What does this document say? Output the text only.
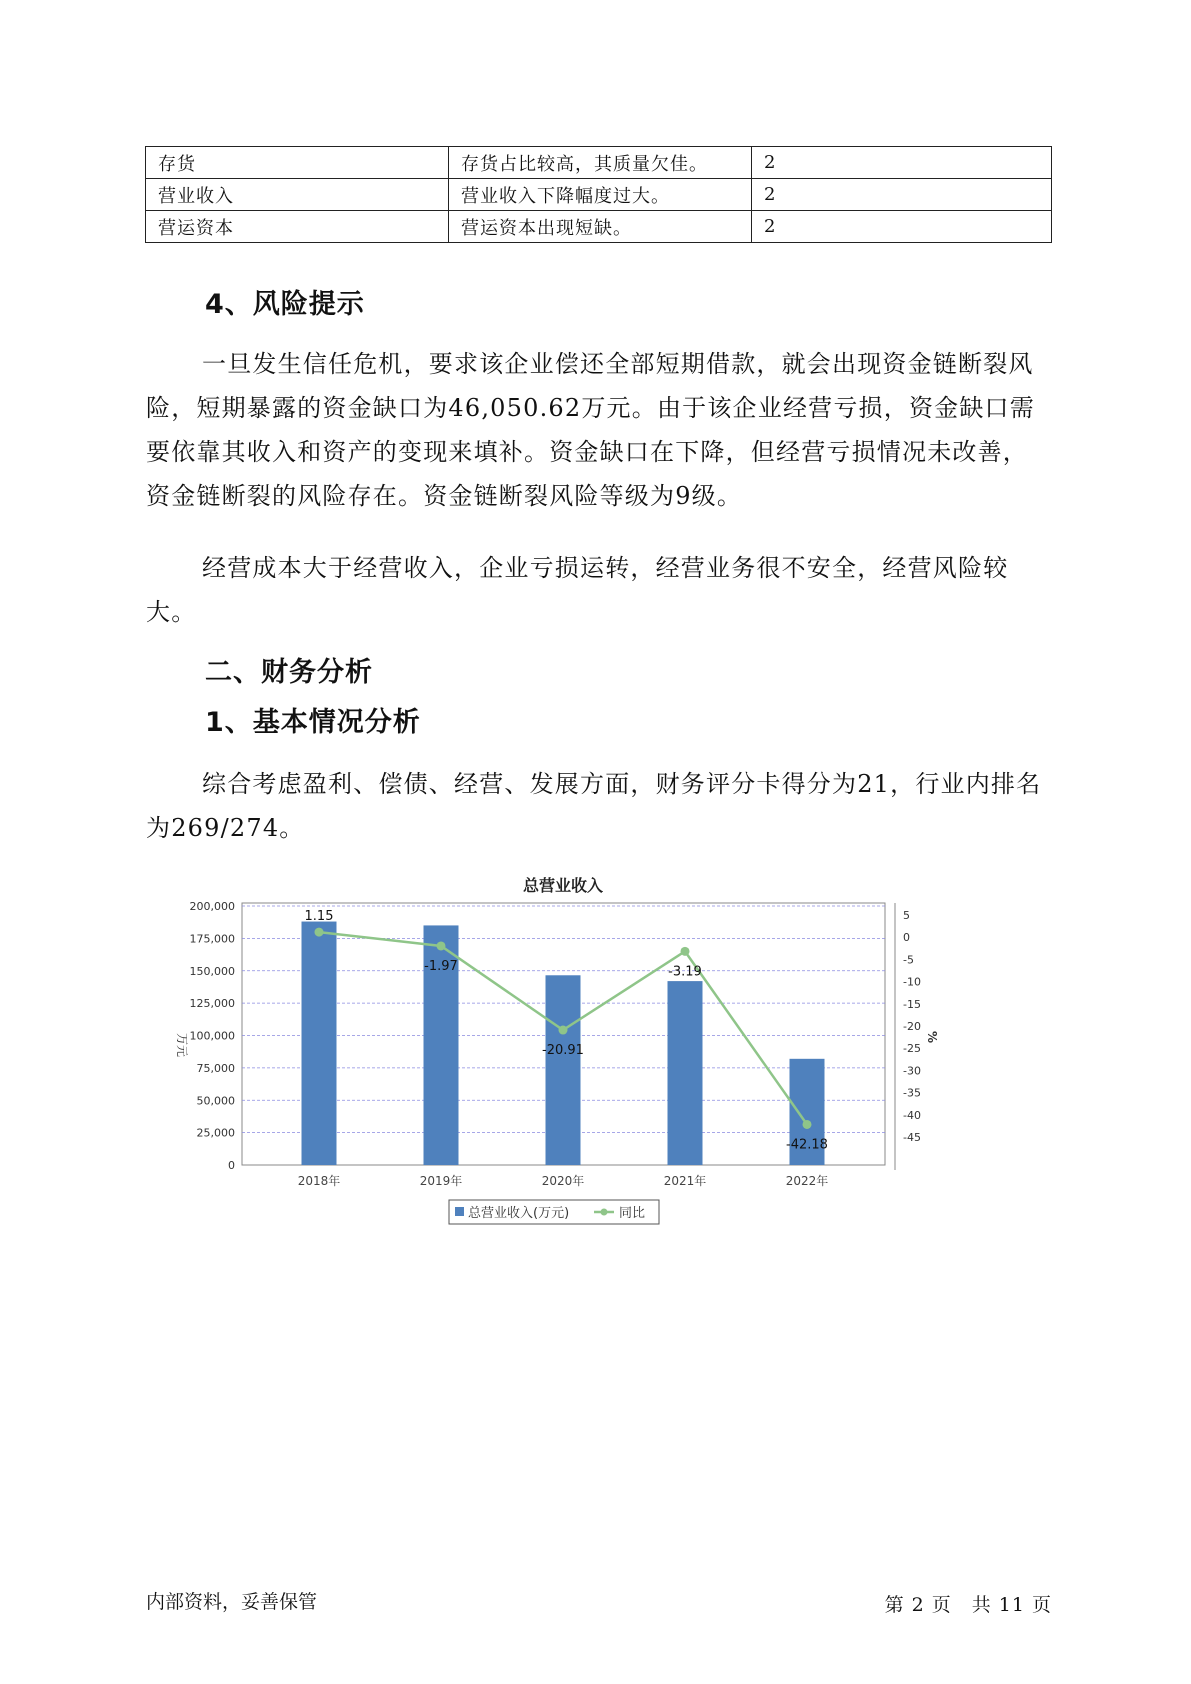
存货	存货占比较高，其质量欠佳。	2
营业收入	营业收入下降幅度过大。	2
营运资本	营运资本出现短缺。	2
4、风险提示

一旦发生信任危机，要求该企业偿还全部短期借款，就会出现资金链断裂风险，短期暴露的资金缺口为46,050.62万元。由于该企业经营亏损，资金缺口需要依靠其收入和资产的变现来填补。资金缺口在下降，但经营亏损情况未改善，资金链断裂的风险存在。资金链断裂风险等级为9级。

经营成本大于经营收入，企业亏损运转，经营业务很不安全，经营风险较大。

二、财务分析
1、基本情况分析

综合考虑盈利、偿债、经营、发展方面，财务评分卡得分为21，行业内排名为269/274。

总营业收入
0
25,000
50,000
75,000
100,000
125,000
150,000
175,000
200,000
5
0
-5
-10
-15
-20
-25
-30
-35
-40
-45
万元	%
2018年	2019年	2020年	2021年	2022年
1.15
-1.97
-20.91
-3.19
-42.18
总营业收入(万元)	同比
内部资料，妥善保管	第 2 页　共 11 页
